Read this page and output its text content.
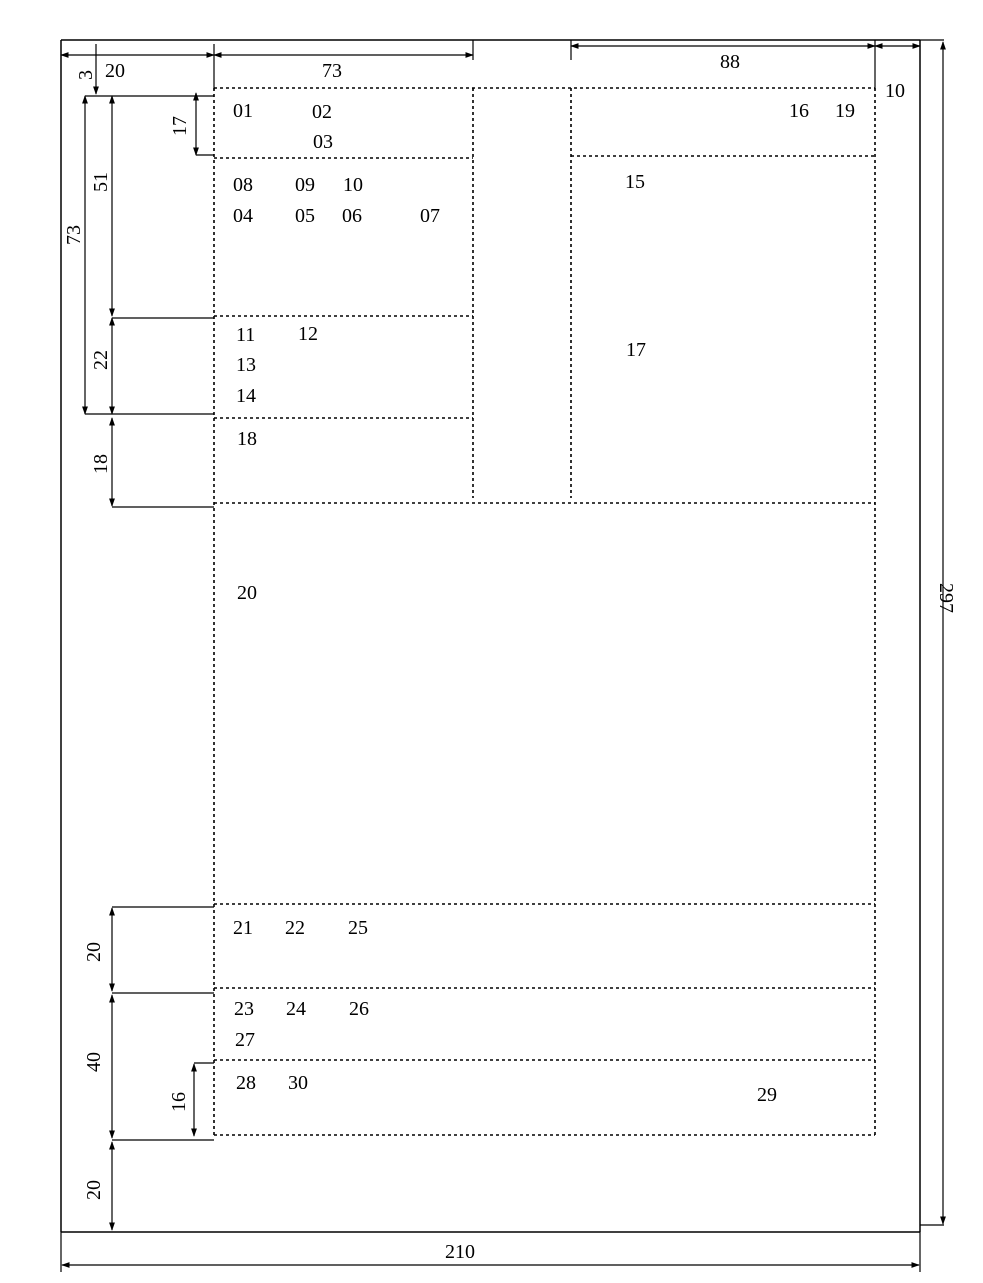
20	73	88
10
3
73
51
17
22
18
20
40
16
20
297
210
01	02
03
08 09 10
04 05 06	07
11 12
13
14
18
16 19
15
17
20
21 22 25
23 24 26
27
28 30
29
